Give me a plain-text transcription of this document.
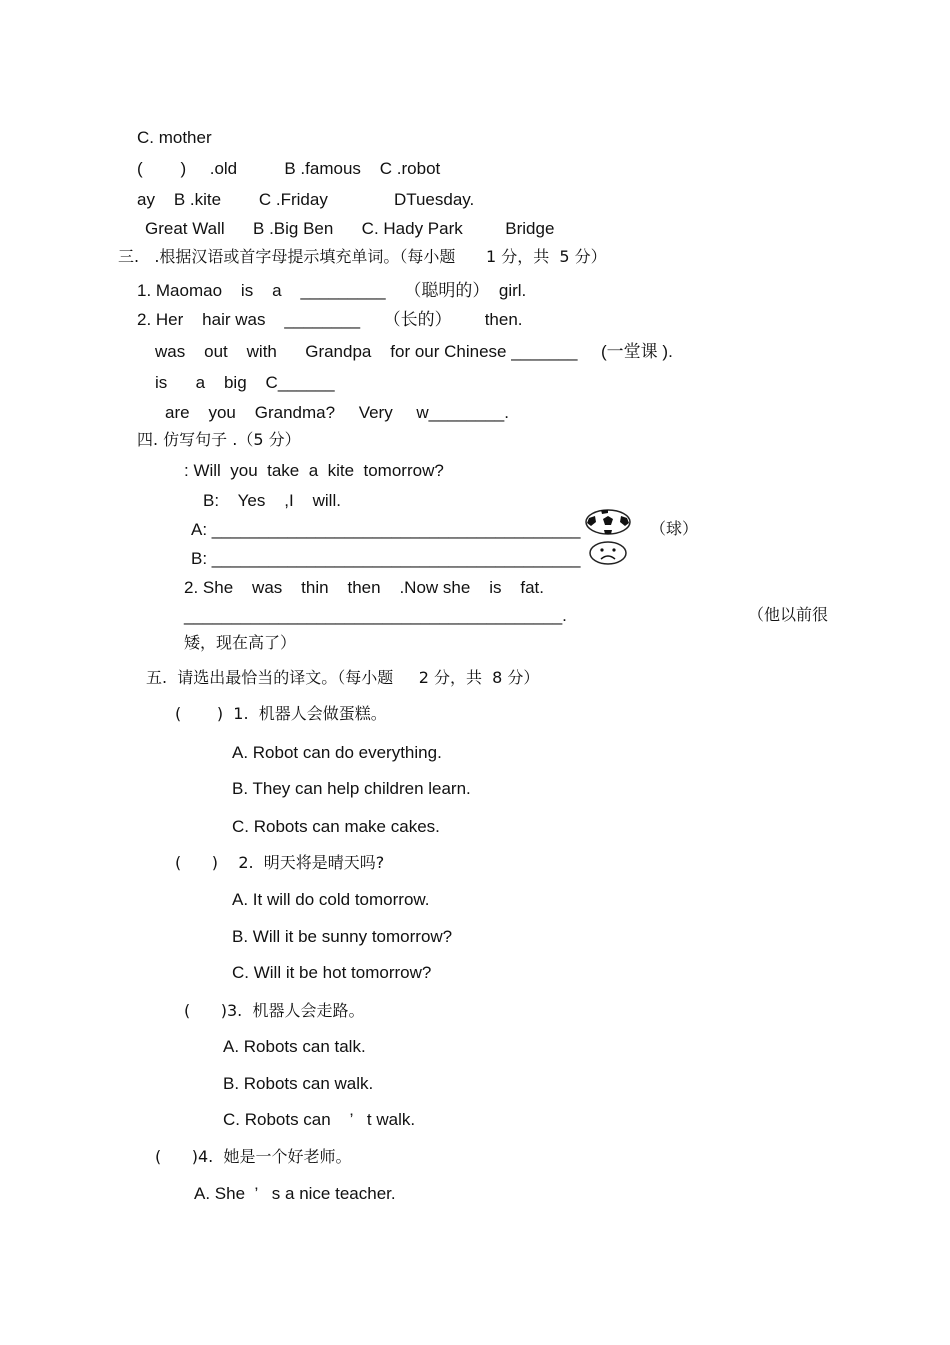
C. mother
(        )     .old          B .famous    C .robot
ay    B .kite        C .Friday              DTuesday.
Great Wall      B .Big Ben      C. Hady Park         Bridge
三.   .根据汉语或首字母提示填充单词。（每小题      1 分，共  5 分）
1. Maomao    is    a    _________    （聪明的）  girl.
2. Her    hair was    ________     （长的）       then.
was    out    with      Grandpa    for our Chinese _______     (一堂课 ).
is      a    big    C______
are    you    Grandma?     Very     w________.
四. 仿写句子 .（5 分）
: Will  you  take  a  kite  tomorrow?
B:    Yes    ,I    will.
A: _______________________________________	（球）
B: _______________________________________
2. She    was    thin    then    .Now she    is    fat.
________________________________________.	（他以前很
矮，现在高了）
五.  请选出最恰当的译文。（每小题     2 分，共  8 分）
(       )  1.  机器人会做蛋糕。
A. Robot can do everything.
B. They can help children learn.
C. Robots can make cakes.
(      )    2.  明天将是晴天吗?
A. It will do cold tomorrow.
B. Will it be sunny tomorrow?
C. Will it be hot tomorrow?
(      )3.  机器人会走路。
A. Robots can talk.
B. Robots can walk.
C. Robots can    ’   t walk.
(      )4.  她是一个好老师。
A. She  ’   s a nice teacher.
